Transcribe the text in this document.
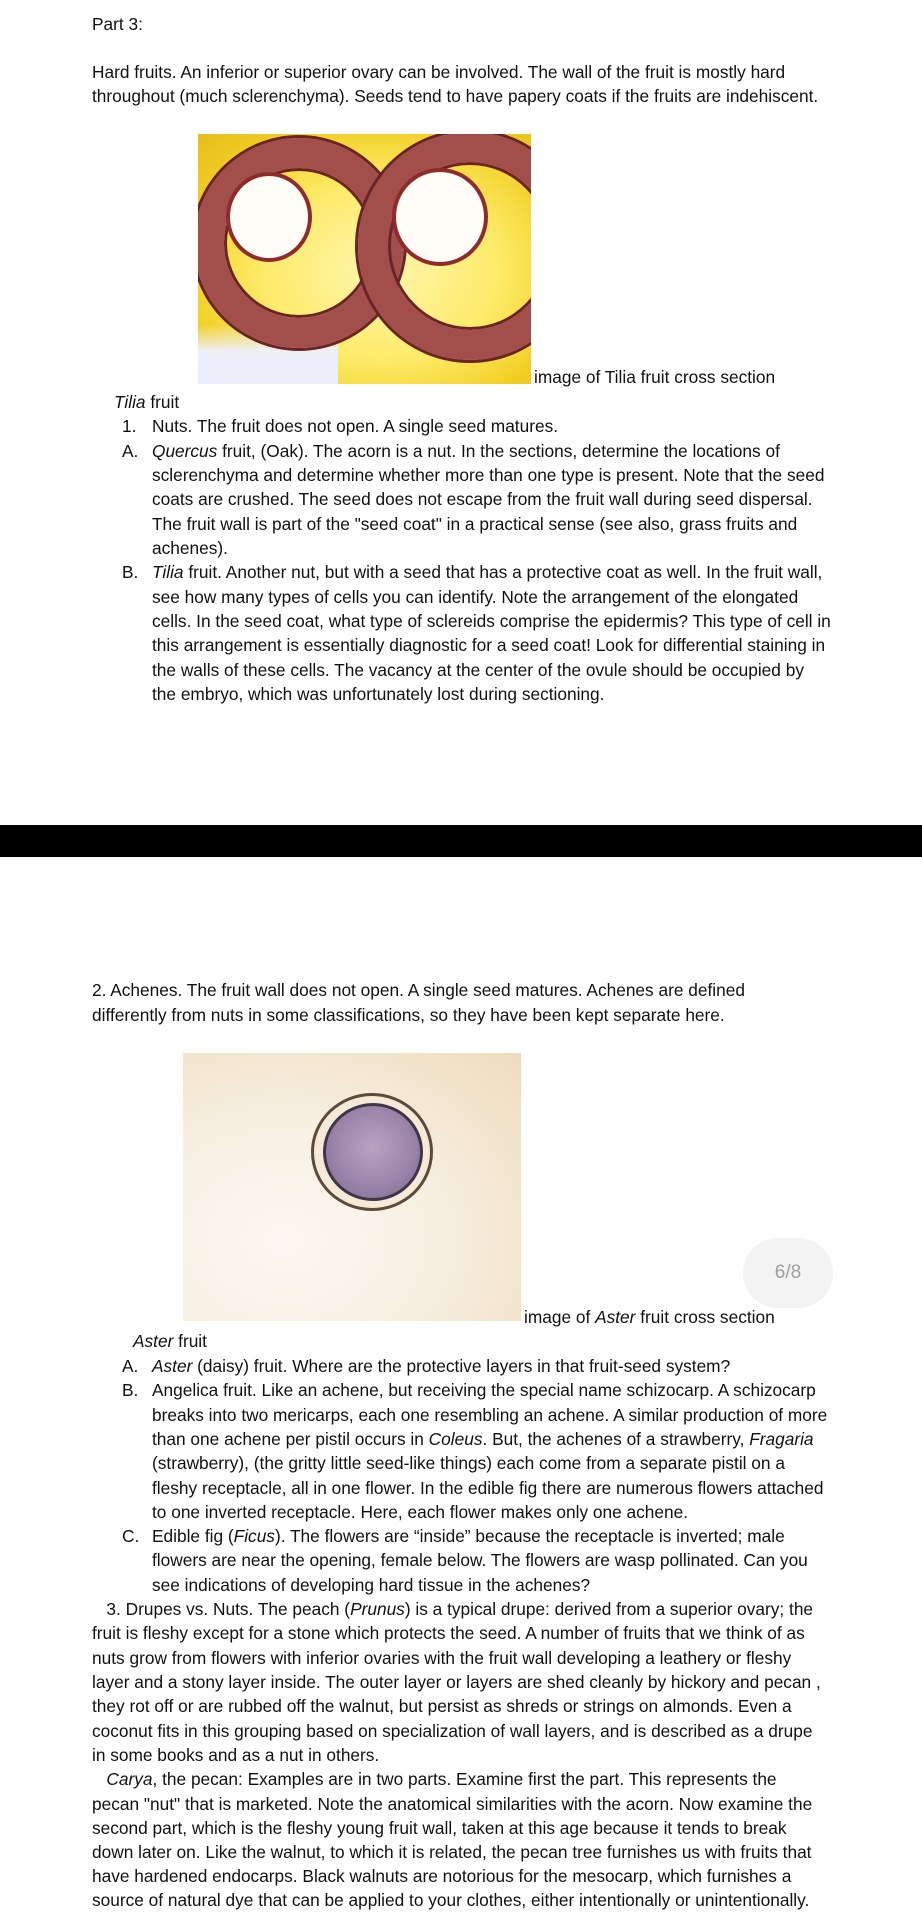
Part 3:
Hard fruits. An inferior or superior ovary can be involved. The wall of the fruit is mostly hard
throughout (much sclerenchyma). Seeds tend to have papery coats if the fruits are indehiscent.
image of Tilia fruit cross section
Tilia fruit
1. Nuts. The fruit does not open. A single seed matures.
A. Quercus fruit, (Oak). The acorn is a nut. In the sections, determine the locations of
sclerenchyma and determine whether more than one type is present. Note that the seed
coats are crushed. The seed does not escape from the fruit wall during seed dispersal.
The fruit wall is part of the "seed coat" in a practical sense (see also, grass fruits and
achenes).
B. Tilia fruit. Another nut, but with a seed that has a protective coat as well. In the fruit wall,
see how many types of cells you can identify. Note the arrangement of the elongated
cells. In the seed coat, what type of sclereids comprise the epidermis? This type of cell in
this arrangement is essentially diagnostic for a seed coat! Look for differential staining in
the walls of these cells. The vacancy at the center of the ovule should be occupied by
the embryo, which was unfortunately lost during sectioning.
2. Achenes. The fruit wall does not open. A single seed matures. Achenes are defined
differently from nuts in some classifications, so they have been kept separate here.
image of Aster fruit cross section
Aster fruit
6/8
A. Aster (daisy) fruit. Where are the protective layers in that fruit-seed system?
B. Angelica fruit. Like an achene, but receiving the special name schizocarp. A schizocarp
breaks into two mericarps, each one resembling an achene. A similar production of more
than one achene per pistil occurs in Coleus. But, the achenes of a strawberry, Fragaria
(strawberry), (the gritty little seed-like things) each come from a separate pistil on a
fleshy receptacle, all in one flower. In the edible fig there are numerous flowers attached
to one inverted receptacle. Here, each flower makes only one achene.
C. Edible fig (Ficus). The flowers are “inside” because the receptacle is inverted; male
flowers are near the opening, female below. The flowers are wasp pollinated. Can you
see indications of developing hard tissue in the achenes?
3. Drupes vs. Nuts. The peach (Prunus) is a typical drupe: derived from a superior ovary; the
fruit is fleshy except for a stone which protects the seed. A number of fruits that we think of as
nuts grow from flowers with inferior ovaries with the fruit wall developing a leathery or fleshy
layer and a stony layer inside. The outer layer or layers are shed cleanly by hickory and pecan ,
they rot off or are rubbed off the walnut, but persist as shreds or strings on almonds. Even a
coconut fits in this grouping based on specialization of wall layers, and is described as a drupe
in some books and as a nut in others.
Carya, the pecan: Examples are in two parts. Examine first the part. This represents the
pecan "nut" that is marketed. Note the anatomical similarities with the acorn. Now examine the
second part, which is the fleshy young fruit wall, taken at this age because it tends to break
down later on. Like the walnut, to which it is related, the pecan tree furnishes us with fruits that
have hardened endocarps. Black walnuts are notorious for the mesocarp, which furnishes a
source of natural dye that can be applied to your clothes, either intentionally or unintentionally.
